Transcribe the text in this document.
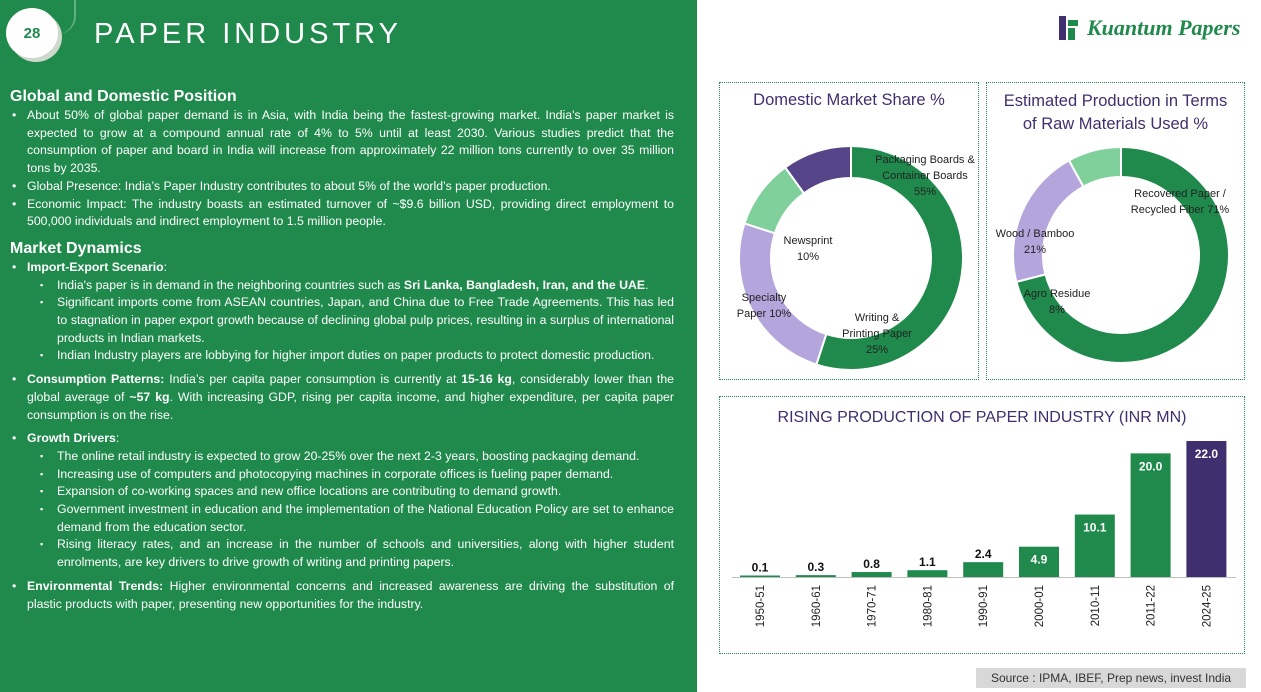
28 PAPER INDUSTRY
Global and Domestic Position
• About 50% of global paper demand is in Asia, with India being the fastest-growing market. India's paper market is expected to grow at a compound annual rate of 4% to 5% until at least 2030. Various studies predict that the consumption of paper and board in India will increase from approximately 22 million tons currently to over 35 million tons by 2035.
• Global Presence: India’s Paper Industry contributes to about 5% of the world’s paper production.
• Economic Impact: The industry boasts an estimated turnover of ~$9.6 billion USD, providing direct employment to 500,000 individuals and indirect employment to 1.5 million people.
Market Dynamics
• Import-Export Scenario:
▪ India's paper is in demand in the neighboring countries such as Sri Lanka, Bangladesh, Iran, and the UAE.
▪ Significant imports come from ASEAN countries, Japan, and China due to Free Trade Agreements. This has led to stagnation in paper export growth because of declining global pulp prices, resulting in a surplus of international products in Indian markets.
▪ Indian Industry players are lobbying for higher import duties on paper products to protect domestic production.
• Consumption Patterns: India’s per capita paper consumption is currently at 15-16 kg, considerably lower than the global average of ~57 kg. With increasing GDP, rising per capita income, and higher expenditure, per capita paper consumption is on the rise.
• Growth Drivers:
▪ The online retail industry is expected to grow 20-25% over the next 2-3 years, boosting packaging demand.
▪ Increasing use of computers and photocopying machines in corporate offices is fueling paper demand.
▪ Expansion of co-working spaces and new office locations are contributing to demand growth.
▪ Government investment in education and the implementation of the National Education Policy are set to enhance demand from the education sector.
▪ Rising literacy rates, and an increase in the number of schools and universities, along with higher student enrolments, are key drivers to drive growth of writing and printing papers.
• Environmental Trends: Higher environmental concerns and increased awareness are driving the substitution of plastic products with paper, presenting new opportunities for the industry.
Kuantum Papers
Domestic Market Share %
Packaging Boards & Container Boards 55%
Writing & Printing Paper 25%
Specialty Paper 10%
Newsprint 10%
Estimated Production in Terms
of Raw Materials Used %
Recovered Paper / Recycled Fiber 71%
Wood / Bamboo 21%
Agro Residue 8%
RISING PRODUCTION OF PAPER INDUSTRY (INR MN)
0.1
1950-51
0.3
1960-61
0.8
1970-71
1.1
1980-81
2.4
1990-91
4.9
2000-01
10.1
2010-11
20.0
2011-22
22.0
2024-25
Source : IPMA, IBEF, Prep news, invest India
